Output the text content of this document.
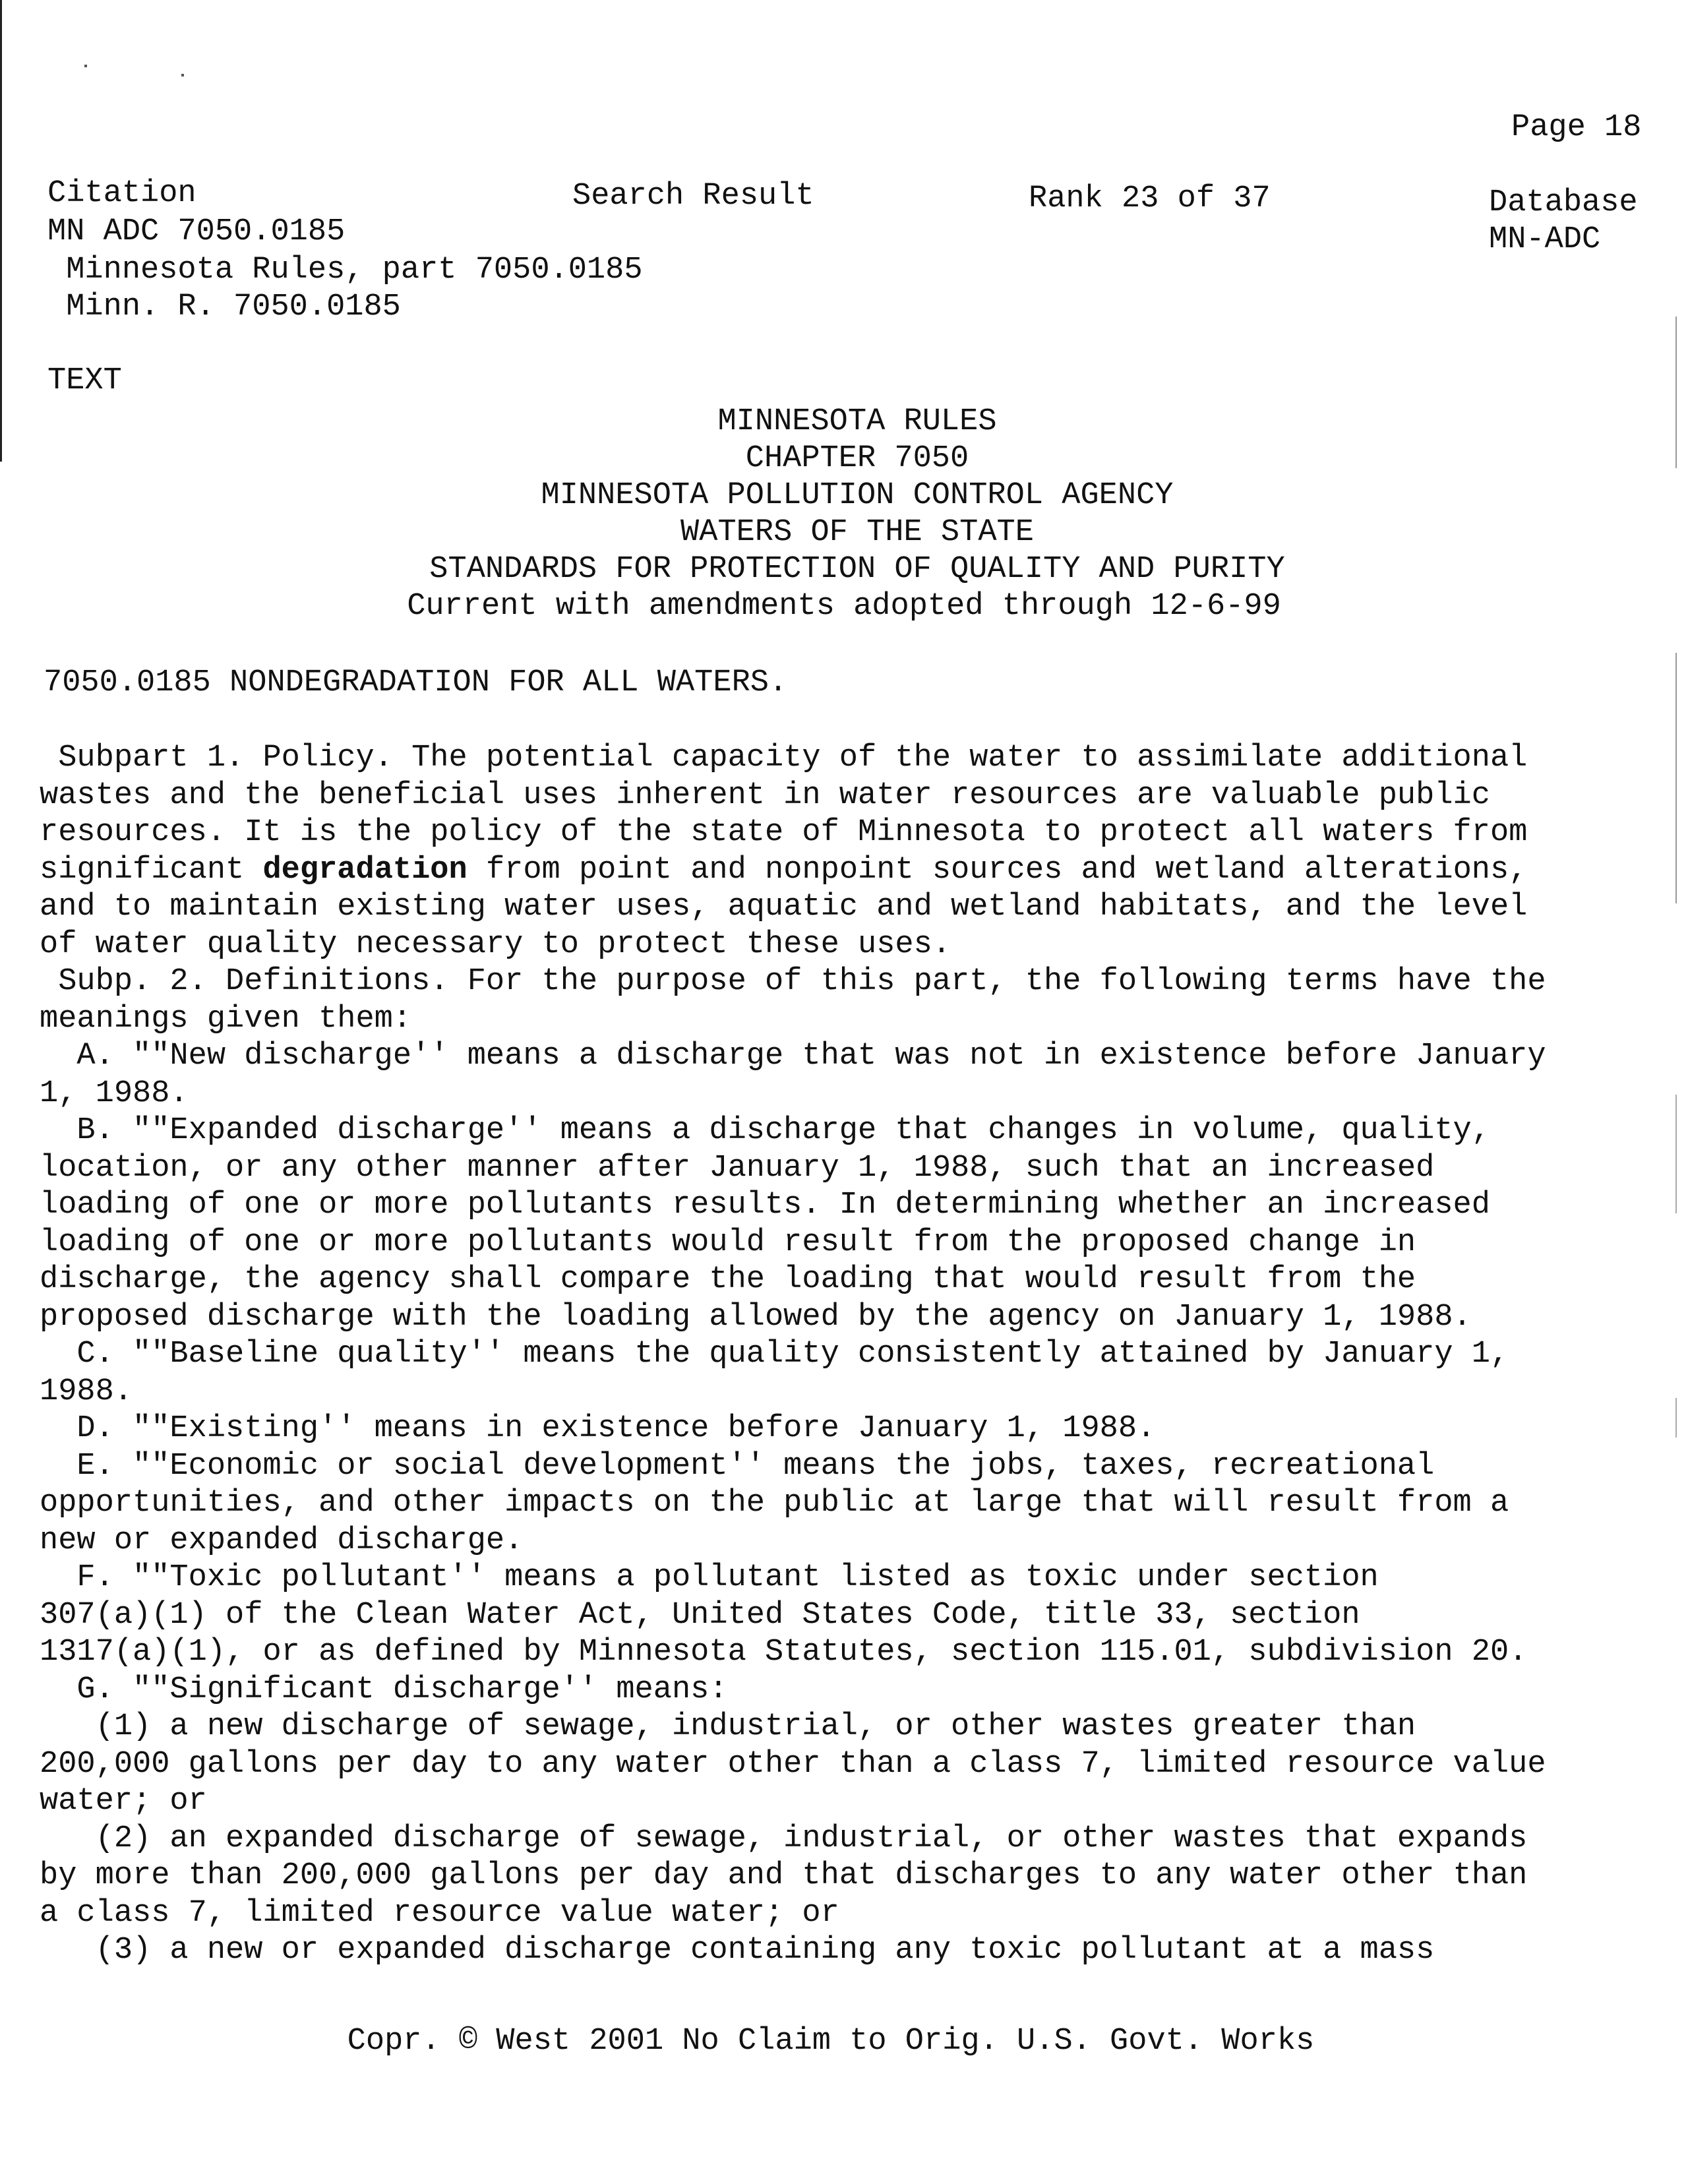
Page 18
Citation	Search Result	Rank 23 of 37	Database
MN-ADC
MN ADC 7050.0185
Minnesota Rules, part 7050.0185
Minn. R. 7050.0185
TEXT
MINNESOTA RULES
CHAPTER 7050
MINNESOTA POLLUTION CONTROL AGENCY
WATERS OF THE STATE
STANDARDS FOR PROTECTION OF QUALITY AND PURITY
Current with amendments adopted through 12-6-99
7050.0185 NONDEGRADATION FOR ALL WATERS.

Subpart 1. Policy. The potential capacity of the water to assimilate additional
wastes and the beneficial uses inherent in water resources are valuable public
resources. It is the policy of the state of Minnesota to protect all waters from
significant degradation from point and nonpoint sources and wetland alterations,
and to maintain existing water uses, aquatic and wetland habitats, and the level
of water quality necessary to protect these uses.

Subp. 2. Definitions. For the purpose of this part, the following terms have the
meanings given them:

A. ""New discharge'' means a discharge that was not in existence before January
1, 1988.

B. ""Expanded discharge'' means a discharge that changes in volume, quality,
location, or any other manner after January 1, 1988, such that an increased
loading of one or more pollutants results. In determining whether an increased
loading of one or more pollutants would result from the proposed change in
discharge, the agency shall compare the loading that would result from the
proposed discharge with the loading allowed by the agency on January 1, 1988.

C. ""Baseline quality'' means the quality consistently attained by January 1,
1988.

D. ""Existing'' means in existence before January 1, 1988.

E. ""Economic or social development'' means the jobs, taxes, recreational
opportunities, and other impacts on the public at large that will result from a
new or expanded discharge.

F. ""Toxic pollutant'' means a pollutant listed as toxic under section
307(a)(1) of the Clean Water Act, United States Code, title 33, section
1317(a)(1), or as defined by Minnesota Statutes, section 115.01, subdivision 20.

G. ""Significant discharge'' means:

(1) a new discharge of sewage, industrial, or other wastes greater than
200,000 gallons per day to any water other than a class 7, limited resource value
water; or

(2) an expanded discharge of sewage, industrial, or other wastes that expands
by more than 200,000 gallons per day and that discharges to any water other than
a class 7, limited resource value water; or

(3) a new or expanded discharge containing any toxic pollutant at a mass

Copr. © West 2001 No Claim to Orig. U.S. Govt. Works
